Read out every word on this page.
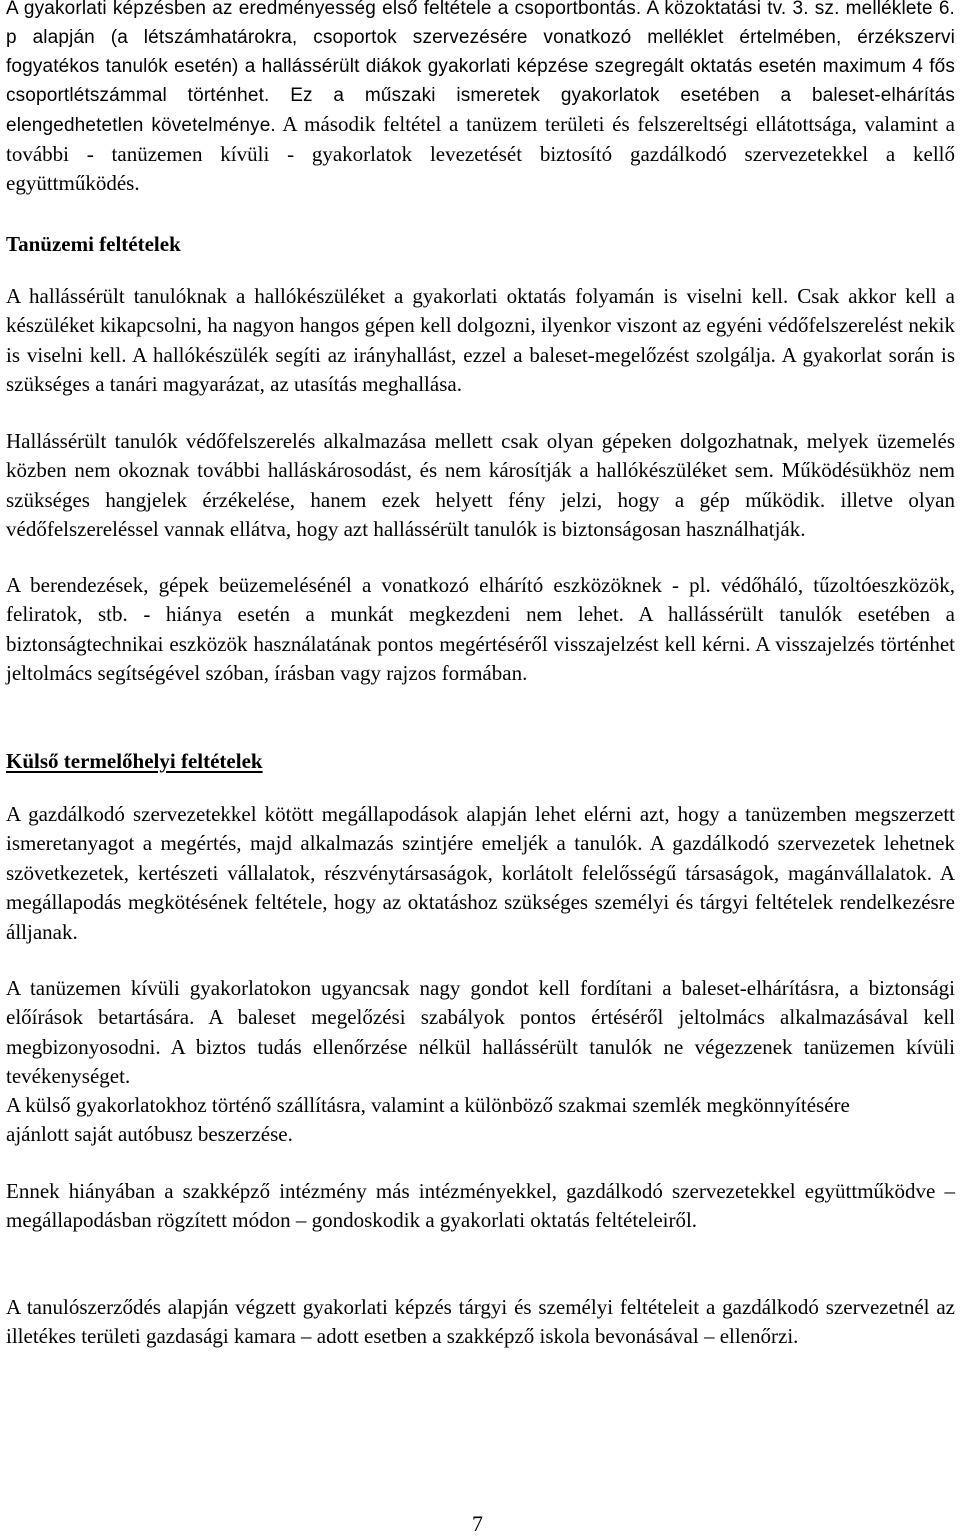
A gyakorlati képzésben az eredményesség első feltétele a csoportbontás. A közoktatási tv. 3. sz. melléklete 6. p alapján (a létszámhatárokra, csoportok szervezésére vonatkozó melléklet értelmében, érzékszervi fogyatékos tanulók esetén) a hallássérült diákok gyakorlati képzése szegregált oktatás esetén maximum 4 fős csoportlétszámmal történhet. Ez a műszaki ismeretek gyakorlatok esetében a baleset-elhárítás elengedhetetlen követelménye. A második feltétel a tanüzem területi és felszereltségi ellátottsága, valamint a további - tanüzemen kívüli - gyakorlatok levezetését biztosító gazdálkodó szervezetekkel a kellő együttműködés.

Tanüzemi feltételek

A hallássérült tanulóknak a hallókészüléket a gyakorlati oktatás folyamán is viselni kell. Csak akkor kell a készüléket kikapcsolni, ha nagyon hangos gépen kell dolgozni, ilyenkor viszont az egyéni védőfelszerelést nekik is viselni kell. A hallókészülék segíti az irányhallást, ezzel a baleset-megelőzést szolgálja. A gyakorlat során is szükséges a tanári magyarázat, az utasítás meghallása.

Hallássérült tanulók védőfelszerelés alkalmazása mellett csak olyan gépeken dolgozhatnak, melyek üzemelés közben nem okoznak további halláskárosodást, és nem károsítják a hallókészüléket sem. Működésükhöz nem szükséges hangjelek érzékelése, hanem ezek helyett fény jelzi, hogy a gép működik. illetve olyan védőfelszereléssel vannak ellátva, hogy azt hallássérült tanulók is biztonságosan használhatják.

A berendezések, gépek beüzemelésénél a vonatkozó elhárító eszközöknek - pl. védőháló, tűzoltóeszközök, feliratok, stb. - hiánya esetén a munkát megkezdeni nem lehet. A hallássérült tanulók esetében a biztonságtechnikai eszközök használatának pontos megértéséről visszajelzést kell kérni. A visszajelzés történhet jeltolmács segítségével szóban, írásban vagy rajzos formában.

Külső termelőhelyi feltételek

A gazdálkodó szervezetekkel kötött megállapodások alapján lehet elérni azt, hogy a tanüzemben megszerzett ismeretanyagot a megértés, majd alkalmazás szintjére emeljék a tanulók. A gazdálkodó szervezetek lehetnek szövetkezetek, kertészeti vállalatok, részvénytársaságok, korlátolt felelősségű társaságok, magánvállalatok. A megállapodás megkötésének feltétele, hogy az oktatáshoz szükséges személyi és tárgyi feltételek rendelkezésre álljanak.

A tanüzemen kívüli gyakorlatokon ugyancsak nagy gondot kell fordítani a baleset-elhárításra, a biztonsági előírások betartására. A baleset megelőzési szabályok pontos értéséről jeltolmács alkalmazásával kell megbizonyosodni. A biztos tudás ellenőrzése nélkül hallássérült tanulók ne végezzenek tanüzemen kívüli tevékenységet.

A külső gyakorlatokhoz történő szállításra, valamint a különböző szakmai szemlék megkönnyítésére ajánlott saját autóbusz beszerzése.

Ennek hiányában a szakképző intézmény más intézményekkel, gazdálkodó szervezetekkel együttműködve – megállapodásban rögzített módon – gondoskodik a gyakorlati oktatás feltételeiről.

A tanulószerződés alapján végzett gyakorlati képzés tárgyi és személyi feltételeit a gazdálkodó szervezetnél az illetékes területi gazdasági kamara – adott esetben a szakképző iskola bevonásával – ellenőrzi.

7
